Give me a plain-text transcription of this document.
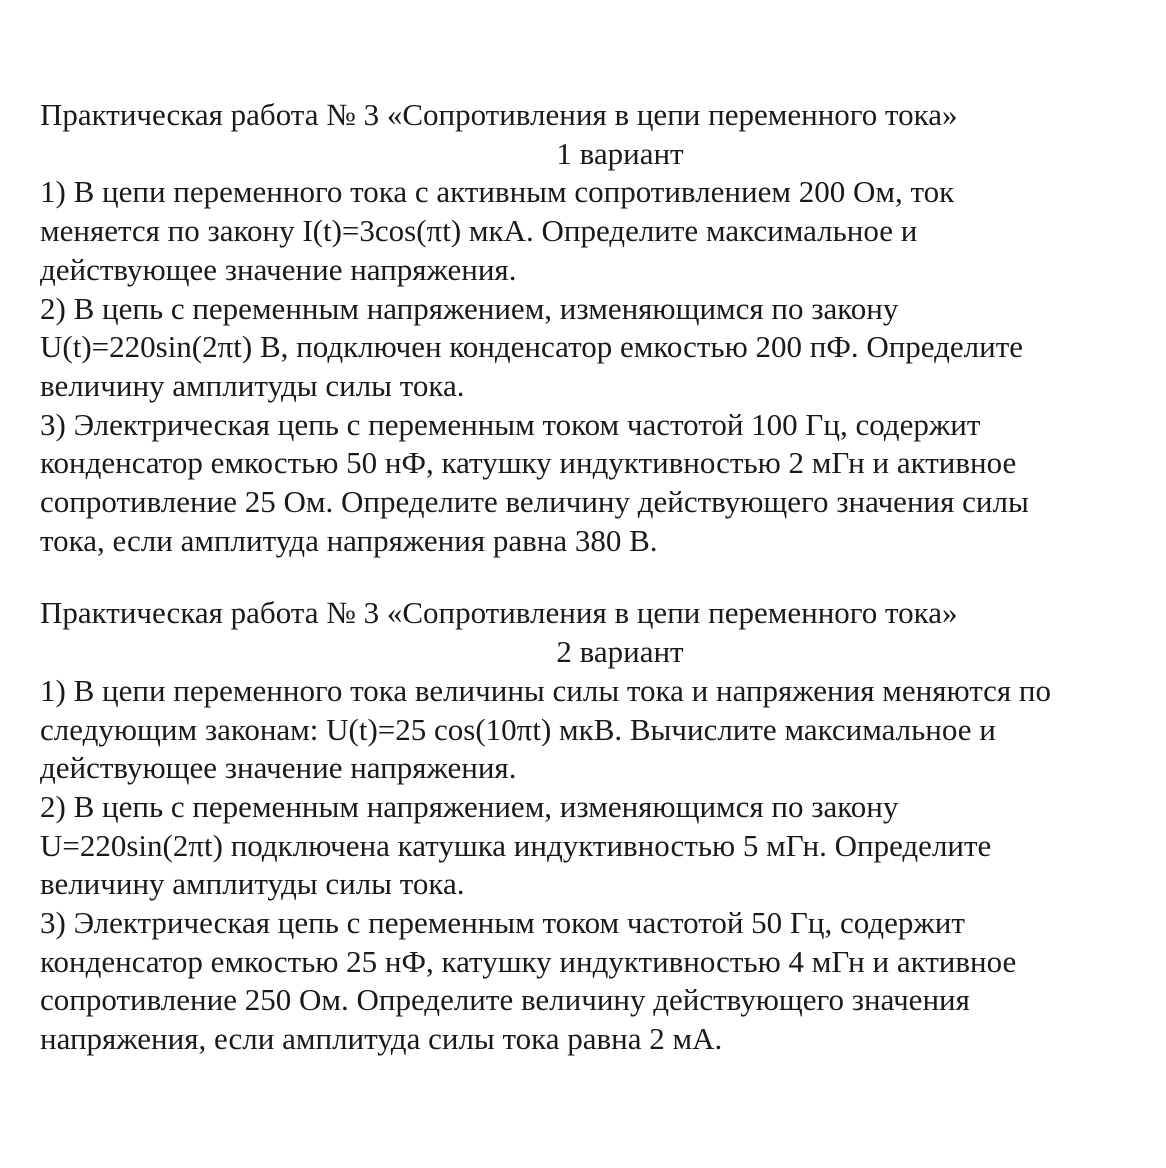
Практическая работа № 3 «Сопротивления в цепи переменного тока»

1 вариант

1) В цепи переменного тока с активным сопротивлением 200 Ом, ток

меняется по закону I(t)=3cos(πt) мкА. Определите максимальное и

действующее значение напряжения.

2) В цепь с переменным напряжением, изменяющимся по закону

U(t)=220sin(2πt) В, подключен конденсатор емкостью 200 пФ. Определите

величину амплитуды силы тока.

3) Электрическая цепь с переменным током частотой 100 Гц, содержит

конденсатор емкостью 50 нФ, катушку индуктивностью 2 мГн и активное

сопротивление 25 Ом. Определите величину действующего значения силы

тока, если амплитуда напряжения равна 380 В.

Практическая работа № 3 «Сопротивления в цепи переменного тока»

2 вариант

1) В цепи переменного тока величины силы тока и напряжения меняются по

следующим законам: U(t)=25 cos(10πt) мкВ. Вычислите максимальное и

действующее значение напряжения.

2) В цепь с переменным напряжением, изменяющимся по закону

U=220sin(2πt) подключена катушка индуктивностью 5 мГн. Определите

величину амплитуды силы тока.

3) Электрическая цепь с переменным током частотой 50 Гц, содержит

конденсатор емкостью 25 нФ, катушку индуктивностью 4 мГн и активное

сопротивление 250 Ом. Определите величину действующего значения

напряжения, если амплитуда силы тока равна 2 мА.
